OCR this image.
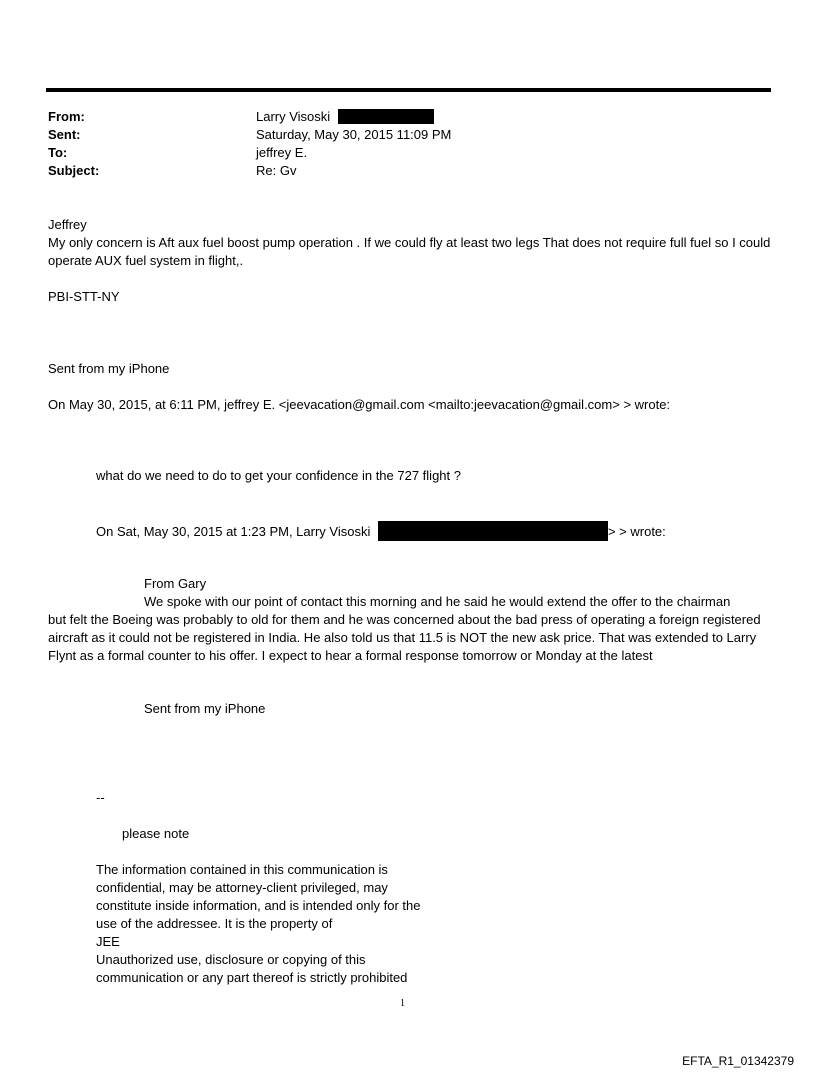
From:	Larry Visoski
Sent:	Saturday, May 30, 2015 11:09 PM
To:	jeffrey E.
Subject:	Re: Gv
Jeffrey
My only concern is Aft aux fuel boost pump operation . If we could fly at least two legs That does not require full fuel so I could operate AUX fuel system in flight,.
PBI-STT-NY
Sent from my iPhone
On May 30, 2015, at 6:11 PM, jeffrey E. <jeevacation@gmail.com <mailto:jeevacation@gmail.com> > wrote:
what do we need to do to get your confidence in the 727 flight ?
On Sat, May 30, 2015 at 1:23 PM, Larry Visoski	> > wrote:
From Gary
We spoke with our point of contact this morning and he said he would extend the offer to the chairman
but felt the Boeing was probably to old for them and he was concerned about the bad press of operating a foreign registered aircraft as it could not be registered in India. He also told us that 11.5 is NOT the new ask price. That was extended to Larry Flynt as a formal counter to his offer. I expect to hear a formal response tomorrow or Monday at the latest
Sent from my iPhone
--
please note
The information contained in this communication is confidential, may be attorney-client privileged, may constitute inside information, and is intended only for the use of the addressee. It is the property of
JEE
Unauthorized use, disclosure or copying of this communication or any part thereof is strictly prohibited
1
EFTA_R1_01342379
